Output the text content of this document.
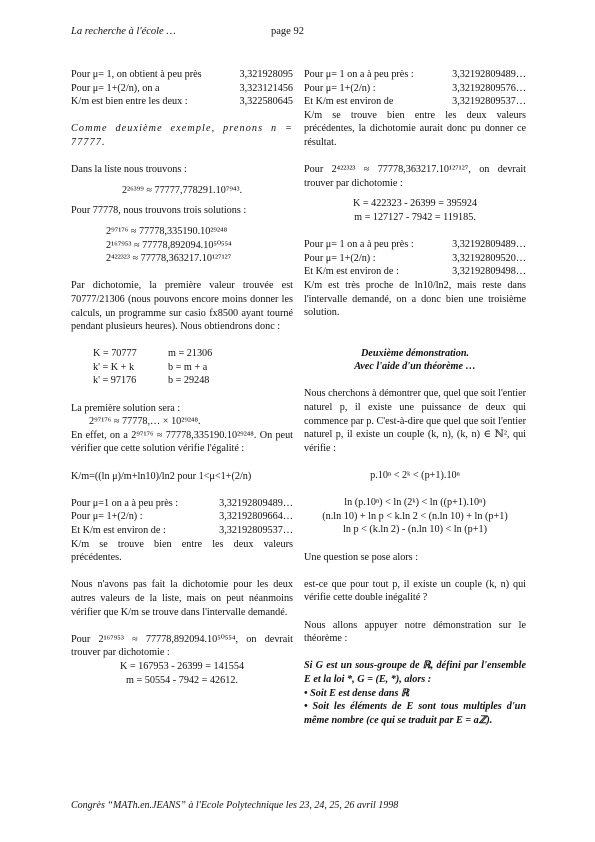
La recherche à l'école …	page 92
Pour μ= 1, on obtient à peu près	3,321928095
Pour μ= 1+(2/n), on a	3,323121456
K/m est bien entre les deux :	3,322580645

Comme deuxième exemple, prenons n = 77777.

Dans la liste nous trouvons :

2²⁶³⁹⁹ ≈ 77777,778291.10⁷⁹⁴³.

Pour 77778, nous trouvons trois solutions :

2⁹⁷¹⁷⁶ ≈ 77778,335190.10²⁹²⁴⁸

2¹⁶⁷⁹⁵³ ≈ 77778,892094.10⁵⁰⁵⁵⁴

2⁴²²³²³ ≈ 77778,363217.10¹²⁷¹²⁷

Par dichotomie, la première valeur trouvée est 70777/21306 (nous pouvons encore moins donner les calculs, un programme sur casio fx8500 ayant tourné pendant plusieurs heures). Nous obtiendrons donc :

K = 70777	m = 21306
k' = K + k	b = m + a
k' = 97176	b = 29248

La première solution sera :

2⁹⁷¹⁷⁶ ≈ 77778,… × 10²⁹²⁴⁸.

En effet, on a 2⁹⁷¹⁷⁶ ≈ 77778,335190.10²⁹²⁴⁸. On peut vérifier que cette solution vérifie l'égalité :

K/m=((ln μ)/m+ln10)/ln2 pour 1<μ<1+(2/n)

Pour μ=1 on a à peu près :	3,32192809489…
Pour μ= 1+(2/n) :	3,32192809664…
Et K/m est environ de :	3,32192809537…

K/m se trouve bien entre les deux valeurs précédentes.

Nous n'avons pas fait la dichotomie pour les deux autres valeurs de la liste, mais on peut néanmoins vérifier que K/m se trouve dans l'intervalle demandé.

Pour 2¹⁶⁷⁹⁵³ ≈ 77778,892094.10⁵⁰⁵⁵⁴, on devrait trouver par dichotomie :

K = 167953 - 26399 = 141554

m = 50554 - 7942 = 42612.

Pour μ= 1 on a à peu près :	3,32192809489…
Pour μ= 1+(2/n) :	3,32192809576…
Et K/m est environ de	3,32192809537…

K/m se trouve bien entre les deux valeurs précédentes, la dichotomie aurait donc pu donner ce résultat.

Pour 2⁴²²³²³ ≈ 77778,363217.10¹²⁷¹²⁷, on devrait trouver par dichotomie :

K = 422323 - 26399 = 395924

m = 127127 - 7942 = 119185.

Pour μ= 1 on a à peu près :	3,32192809489…
Pour μ= 1+(2/n) :	3,32192809520…
Et K/m est environ de :	3,32192809498…

K/m est très proche de ln10/ln2, mais reste dans l'intervalle demandé, on a donc bien une troisième solution.

Deuxième démonstration.

Avec l'aide d'un théorème …

Nous cherchons à démontrer que, quel que soit l'entier naturel p, il existe une puissance de deux qui commence par p. C'est-à-dire que quel que soit l'entier naturel p, il existe un couple (k, n), (k, n) ∈ ℕ², qui vérifie :

p.10ⁿ < 2ᵏ < (p+1).10ⁿ

ln (p.10ⁿ) < ln (2ᵏ) < ln ((p+1).10ⁿ)

(n.ln 10) + ln p < k.ln 2 < (n.ln 10) + ln (p+1)

ln p < (k.ln 2) - (n.ln 10) < ln (p+1)

Une question se pose alors :

est-ce que pour tout p, il existe un couple (k, n) qui vérifie cette double inégalité ?

Nous allons appuyer notre démonstration sur le théorème :

Si G est un sous-groupe de ℝ, défini par l'ensemble E et la loi *, G = (E, *), alors :

• Soit E est dense dans ℝ

• Soit les éléments de E sont tous multiples d'un même nombre (ce qui se traduit par E = aℤ).

Congrès “MATh.en.JEANS” à l'Ecole Polytechnique les 23, 24, 25, 26 avril 1998
